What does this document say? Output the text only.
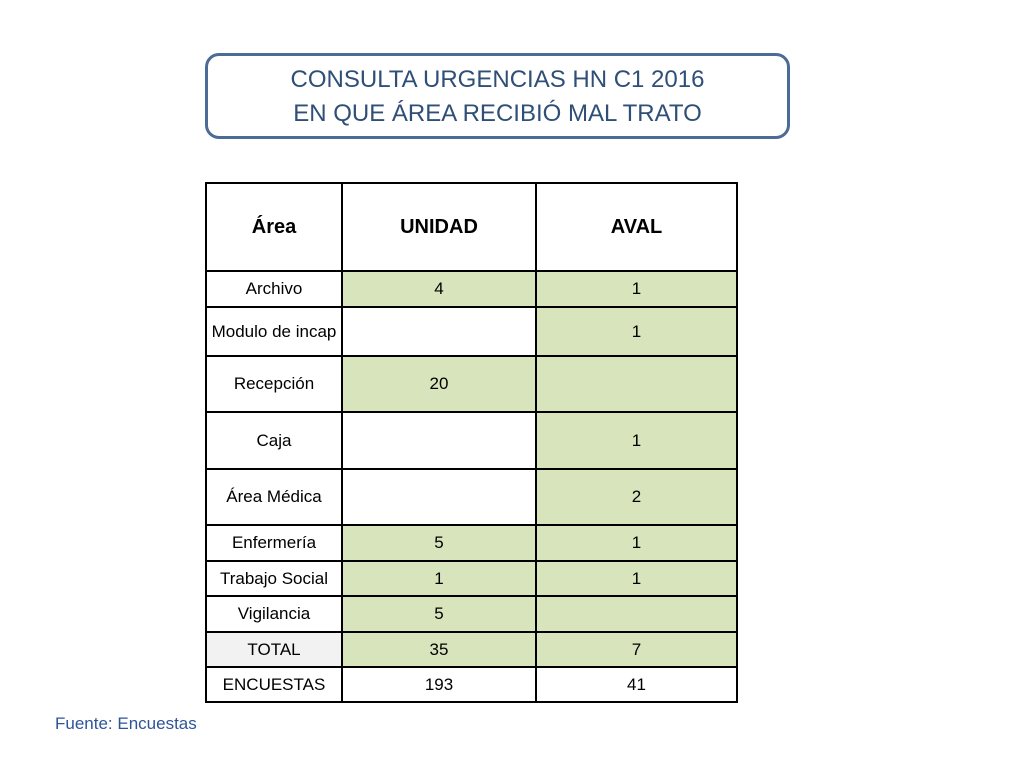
CONSULTA URGENCIAS HN C1 2016
EN QUE ÁREA RECIBIÓ MAL TRATO
Área	UNIDAD	AVAL
Archivo	4	1
Modulo de incap		1
Recepción	20	
Caja		1
Área Médica		2
Enfermería	5	1
Trabajo Social	1	1
Vigilancia	5	
TOTAL	35	7
ENCUESTAS	193	41
Fuente: Encuestas
